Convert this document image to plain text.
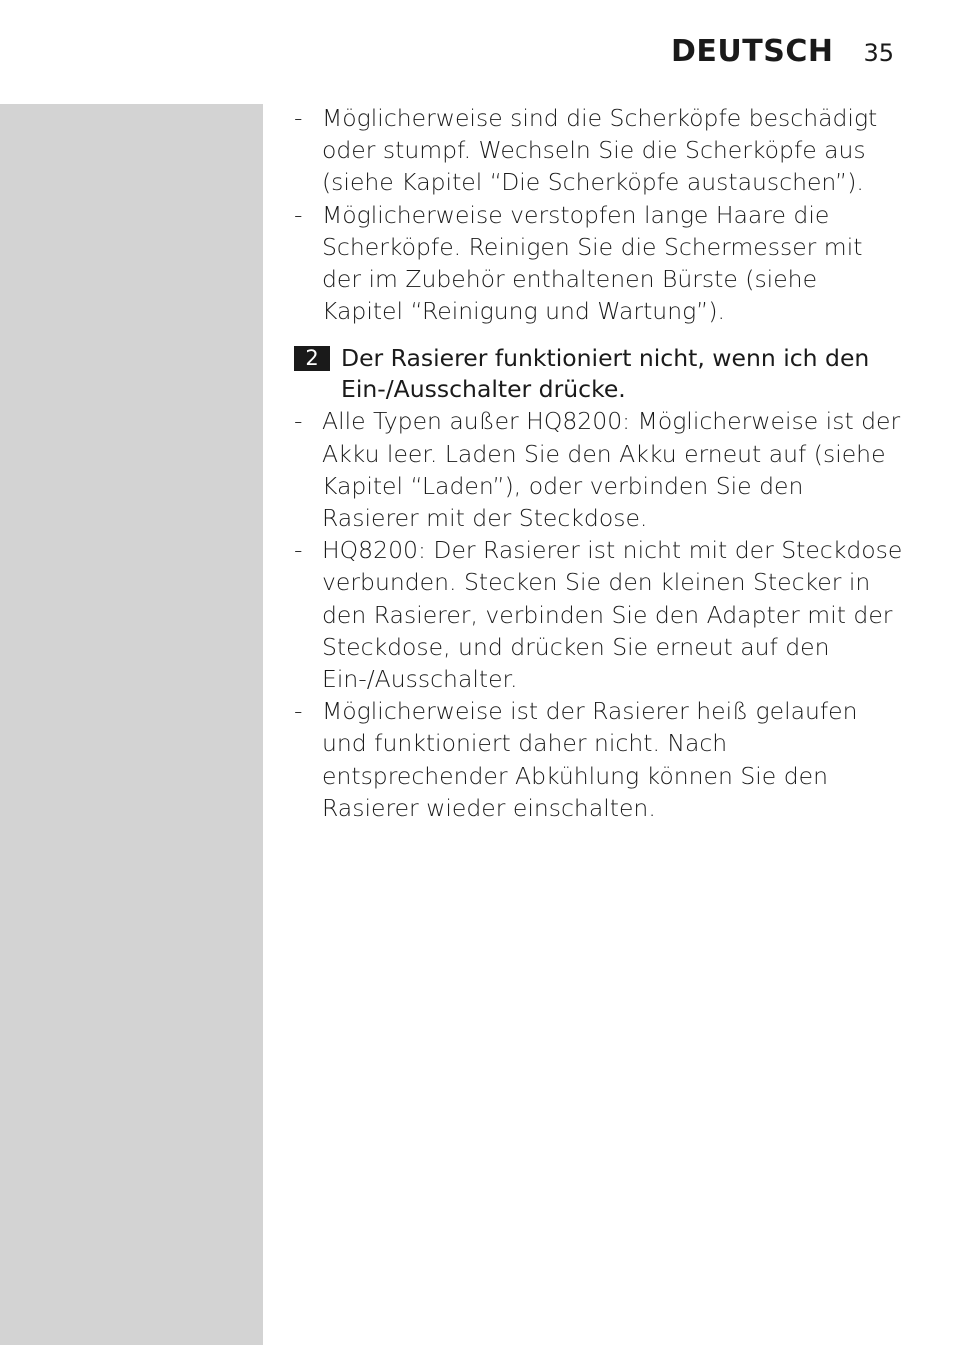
DEUTSCH 35
- Möglicherweise sind die Scherköpfe beschädigt oder stumpf. Wechseln Sie die Scherköpfe aus (siehe Kapitel “Die Scherköpfe austauschen”).
- Möglicherweise verstopfen lange Haare die Scherköpfe. Reinigen Sie die Schermesser mit der im Zubehör enthaltenen Bürste (siehe Kapitel “Reinigung und Wartung”).
2 Der Rasierer funktioniert nicht, wenn ich den Ein-/Ausschalter drücke.
- Alle Typen außer HQ8200: Möglicherweise ist der Akku leer. Laden Sie den Akku erneut auf (siehe Kapitel “Laden”), oder verbinden Sie den Rasierer mit der Steckdose.
- HQ8200: Der Rasierer ist nicht mit der Steckdose verbunden. Stecken Sie den kleinen Stecker in den Rasierer, verbinden Sie den Adapter mit der Steckdose, und drücken Sie erneut auf den Ein-/Ausschalter.
- Möglicherweise ist der Rasierer heiß gelaufen und funktioniert daher nicht. Nach entsprechender Abkühlung können Sie den Rasierer wieder einschalten.
